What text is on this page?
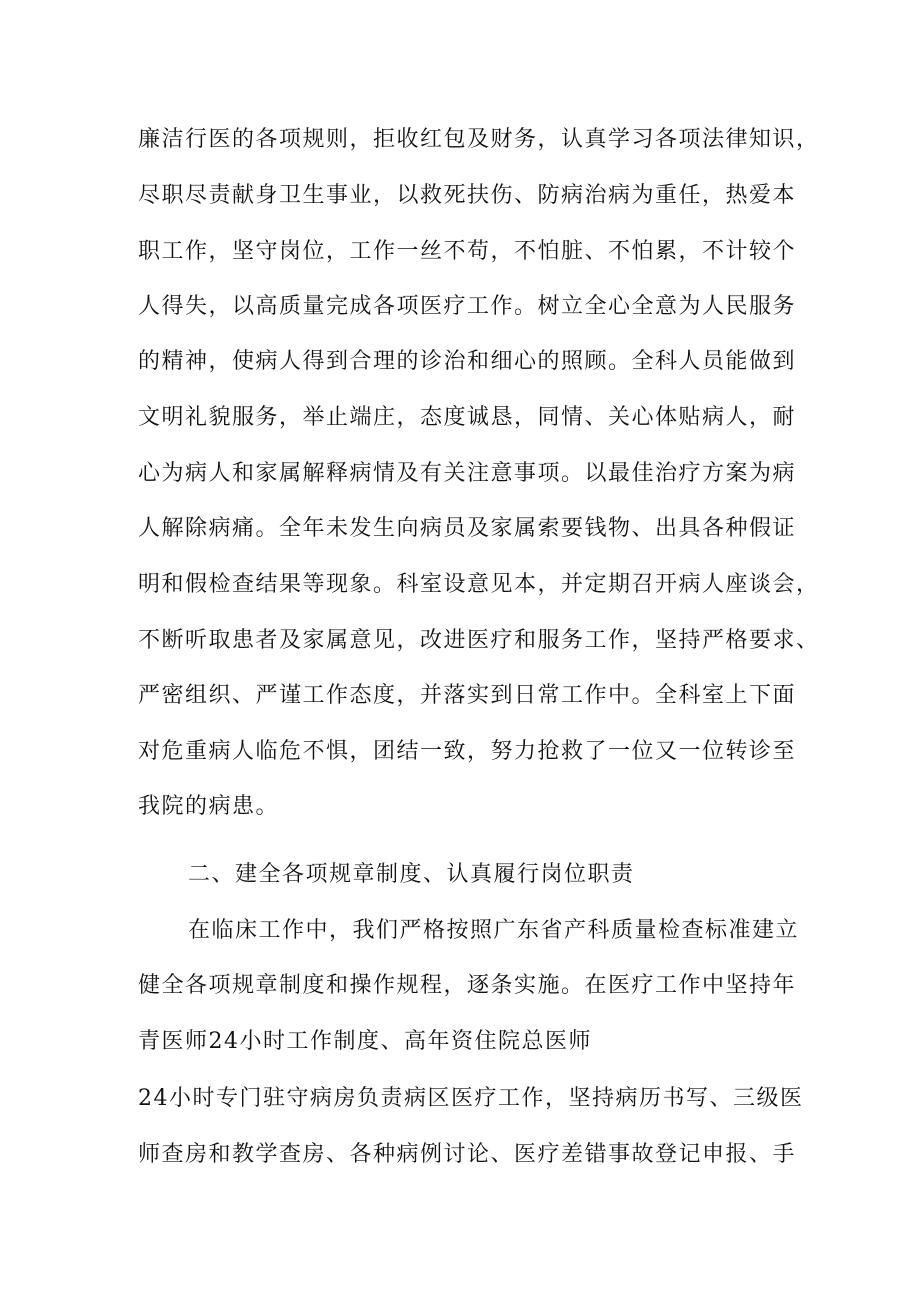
廉洁行医的各项规则，拒收红包及财务，认真学习各项法律知识，
尽职尽责献身卫生事业，以救死扶伤、防病治病为重任，热爱本
职工作，坚守岗位，工作一丝不苟，不怕脏、不怕累，不计较个
人得失，以高质量完成各项医疗工作。树立全心全意为人民服务
的精神，使病人得到合理的诊治和细心的照顾。全科人员能做到
文明礼貌服务，举止端庄，态度诚恳，同情、关心体贴病人，耐
心为病人和家属解释病情及有关注意事项。以最佳治疗方案为病
人解除病痛。全年未发生向病员及家属索要钱物、出具各种假证
明和假检查结果等现象。科室设意见本，并定期召开病人座谈会，
不断听取患者及家属意见，改进医疗和服务工作，坚持严格要求、
严密组织、严谨工作态度，并落实到日常工作中。全科室上下面
对危重病人临危不惧，团结一致，努力抢救了一位又一位转诊至
我院的病患。
二、建全各项规章制度、认真履行岗位职责
在临床工作中，我们严格按照广东省产科质量检查标准建立
健全各项规章制度和操作规程，逐条实施。在医疗工作中坚持年
青医师24小时工作制度、高年资住院总医师
24小时专门驻守病房负责病区医疗工作，坚持病历书写、三级医
师查房和教学查房、各种病例讨论、医疗差错事故登记申报、手
